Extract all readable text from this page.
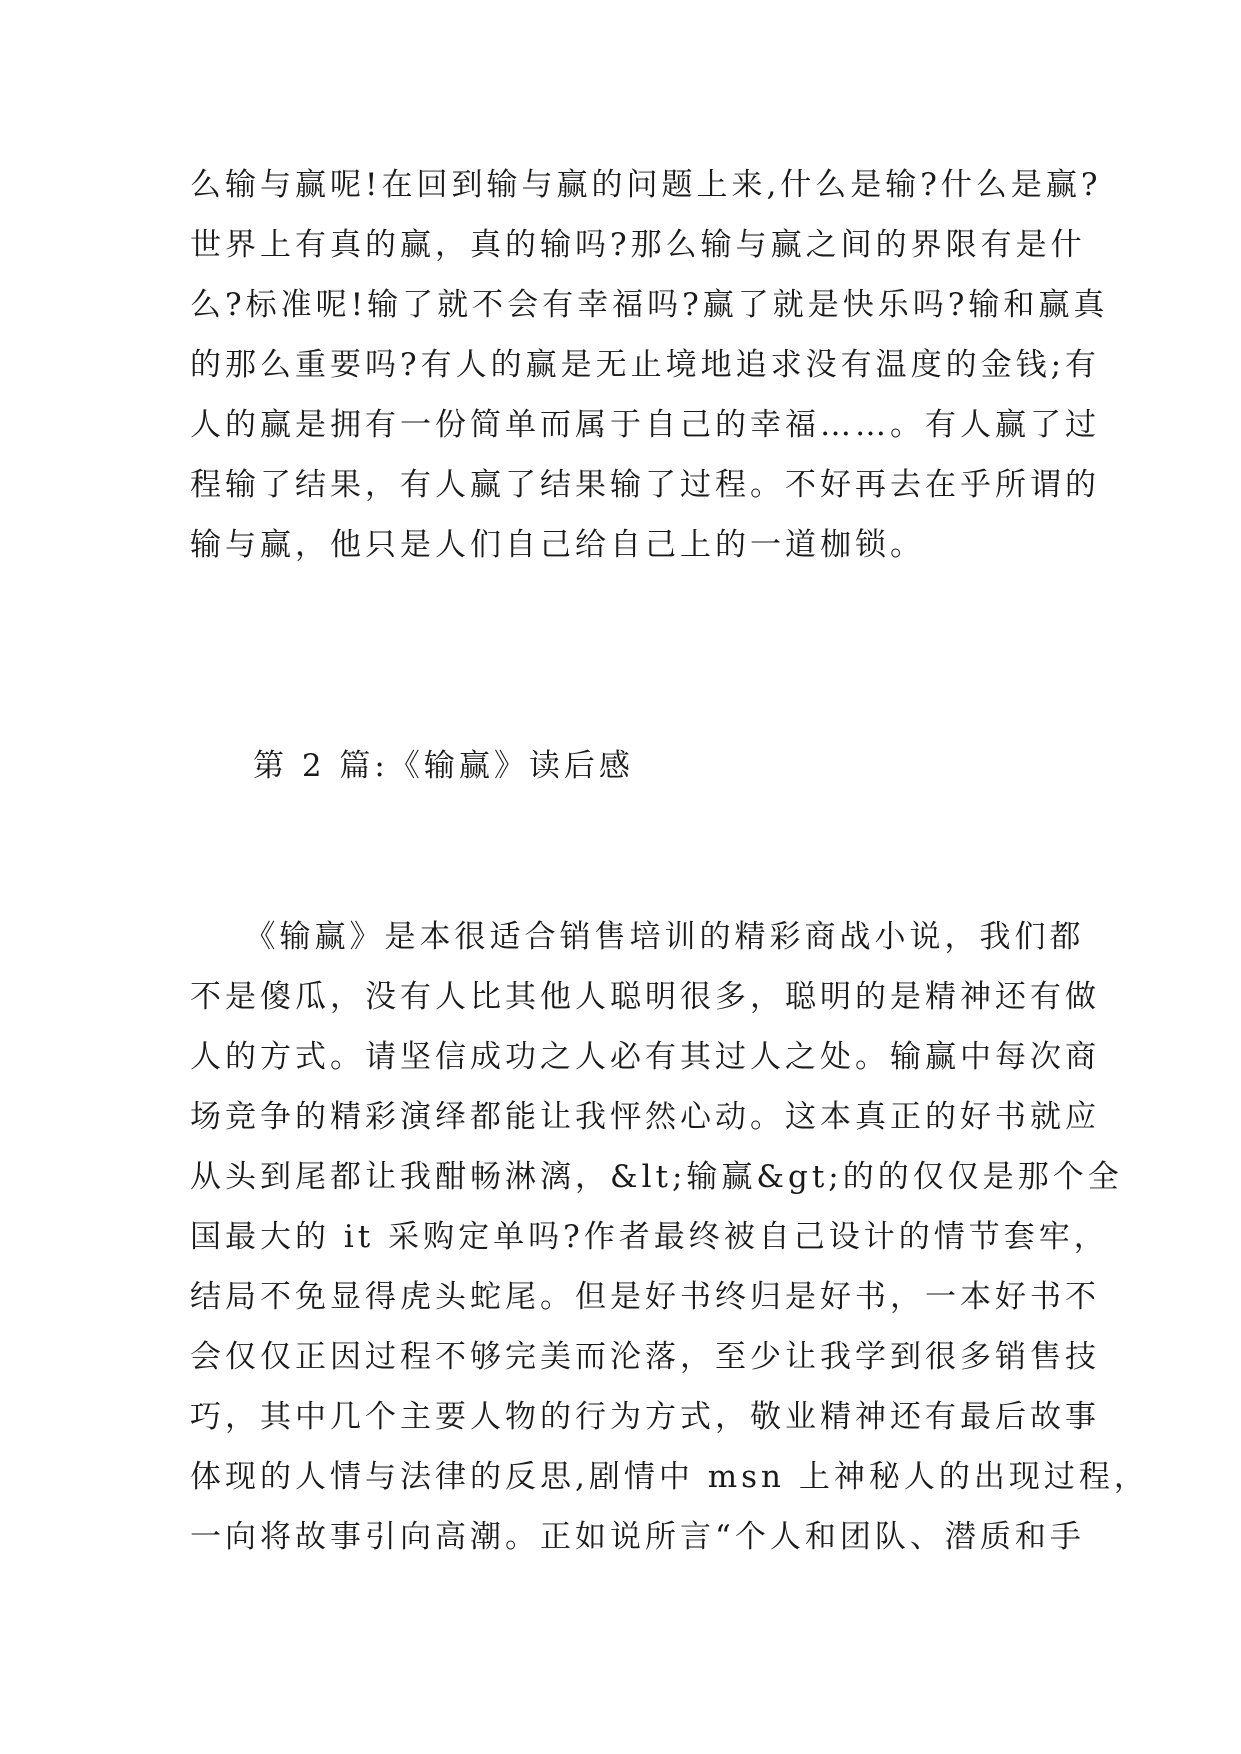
么输与赢呢!在回到输与赢的问题上来,什么是输?什么是赢?
世界上有真的赢，真的输吗?那么输与赢之间的界限有是什
么?标准呢!输了就不会有幸福吗?赢了就是快乐吗?输和赢真
的那么重要吗?有人的赢是无止境地追求没有温度的金钱;有
人的赢是拥有一份简单而属于自己的幸福……。有人赢了过
程输了结果，有人赢了结果输了过程。不好再去在乎所谓的
输与赢，他只是人们自己给自己上的一道枷锁。
第 2 篇:《输赢》读后感
　　《输赢》是本很适合销售培训的精彩商战小说，我们都
不是傻瓜，没有人比其他人聪明很多，聪明的是精神还有做
人的方式。请坚信成功之人必有其过人之处。输赢中每次商
场竞争的精彩演绎都能让我怦然心动。这本真正的好书就应
从头到尾都让我酣畅淋漓，&lt;输赢&gt;的的仅仅是那个全
国最大的 it 采购定单吗?作者最终被自己设计的情节套牢，
结局不免显得虎头蛇尾。但是好书终归是好书，一本好书不
会仅仅正因过程不够完美而沦落，至少让我学到很多销售技
巧，其中几个主要人物的行为方式，敬业精神还有最后故事
体现的人情与法律的反思,剧情中 msn 上神秘人的出现过程，
一向将故事引向高潮。正如说所言“个人和团队、潜质和手
